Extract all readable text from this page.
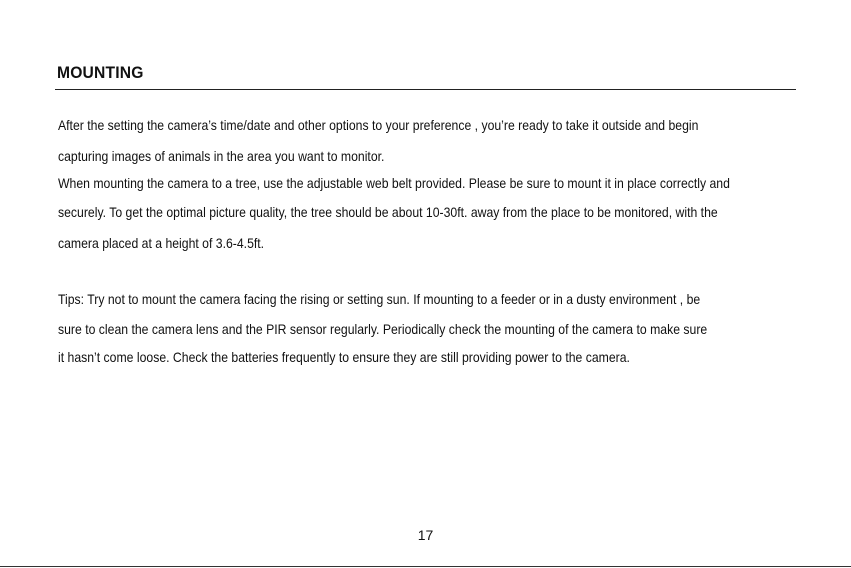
MOUNTING
After the setting the camera’s time/date and other options to your preference , you’re ready to take it outside and begin
capturing images of animals in the area you want to monitor.
When mounting the camera to a tree, use the adjustable web belt provided. Please be sure to mount it in place correctly and
securely. To get the optimal picture quality, the tree should be about 10-30ft. away from the place to be monitored, with the
camera placed at a height of 3.6-4.5ft.
Tips: Try not to mount the camera facing the rising or setting sun. If mounting to a feeder or in a dusty environment , be
sure to clean the camera lens and the PIR sensor regularly. Periodically check the mounting of the camera to make sure
it hasn’t come loose. Check the batteries frequently to ensure they are still providing power to the camera.
17
